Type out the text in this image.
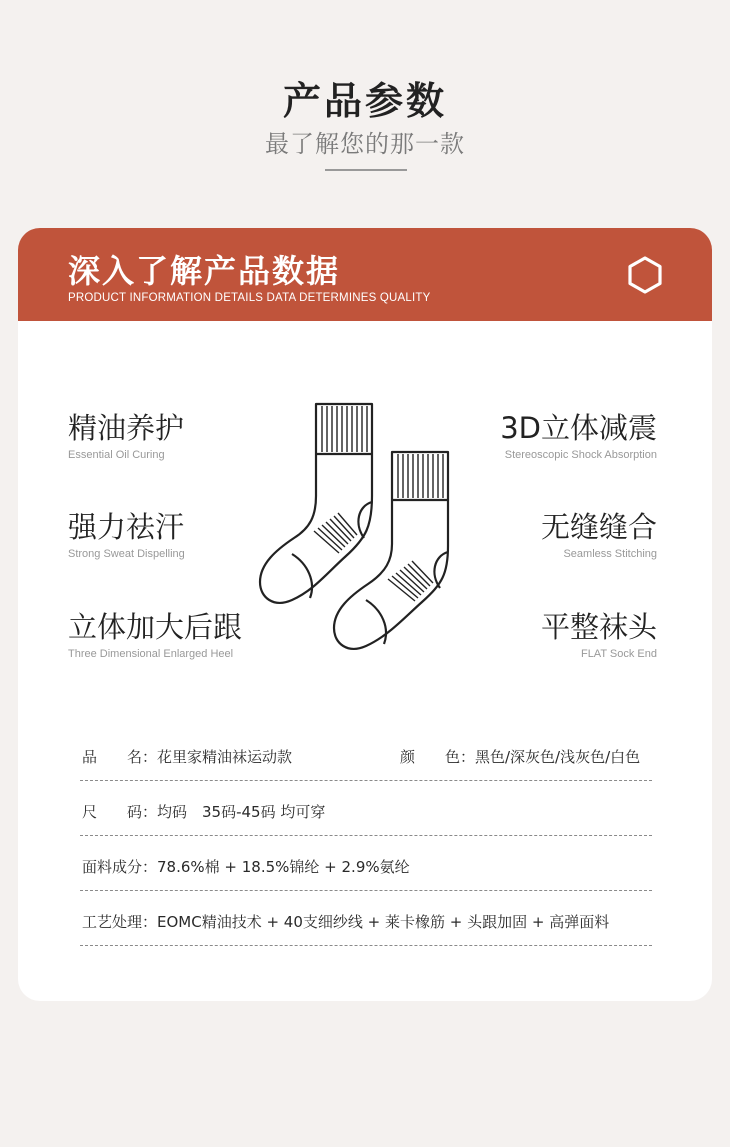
产品参数
最了解您的那一款
深入了解产品数据
PRODUCT INFORMATION DETAILS DATA DETERMINES QUALITY
精油养护
Essential Oil Curing
强力祛汗
Strong Sweat Dispelling
立体加大后跟
Three Dimensional Enlarged Heel
3D立体减震
Stereoscopic Shock Absorption
无缝缝合
Seamless Stitching
平整袜头
FLAT Sock End
品　　名：花里家精油袜运动款	颜　　色：黑色/深灰色/浅灰色/白色
尺　　码：均码　35码-45码 均可穿
面料成分：78.6%棉 + 18.5%锦纶 + 2.9%氨纶
工艺处理：EOMC精油技术 + 40支细纱线 + 莱卡橡筋 + 头跟加固 + 高弹面料
